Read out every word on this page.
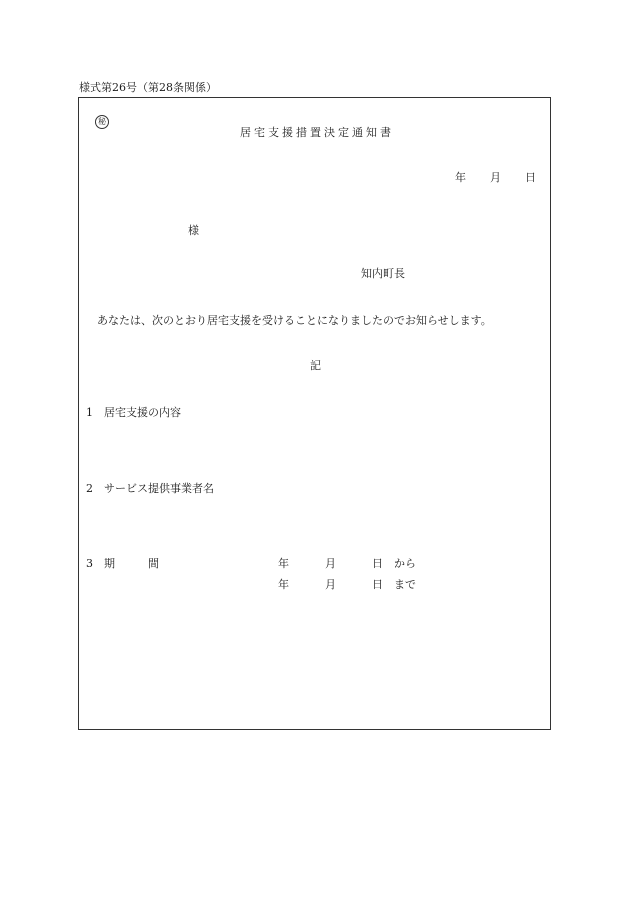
様式第26号（第28条関係）
秘
居宅支援措置決定通知書
年 月 日
様
知内町長
あなたは、次のとおり居宅支援を受けることになりましたのでお知らせします。
記
1 居宅支援の内容
2 サービス提供事業者名
3 期	間	年	月	日 から
年	月	日 まで
